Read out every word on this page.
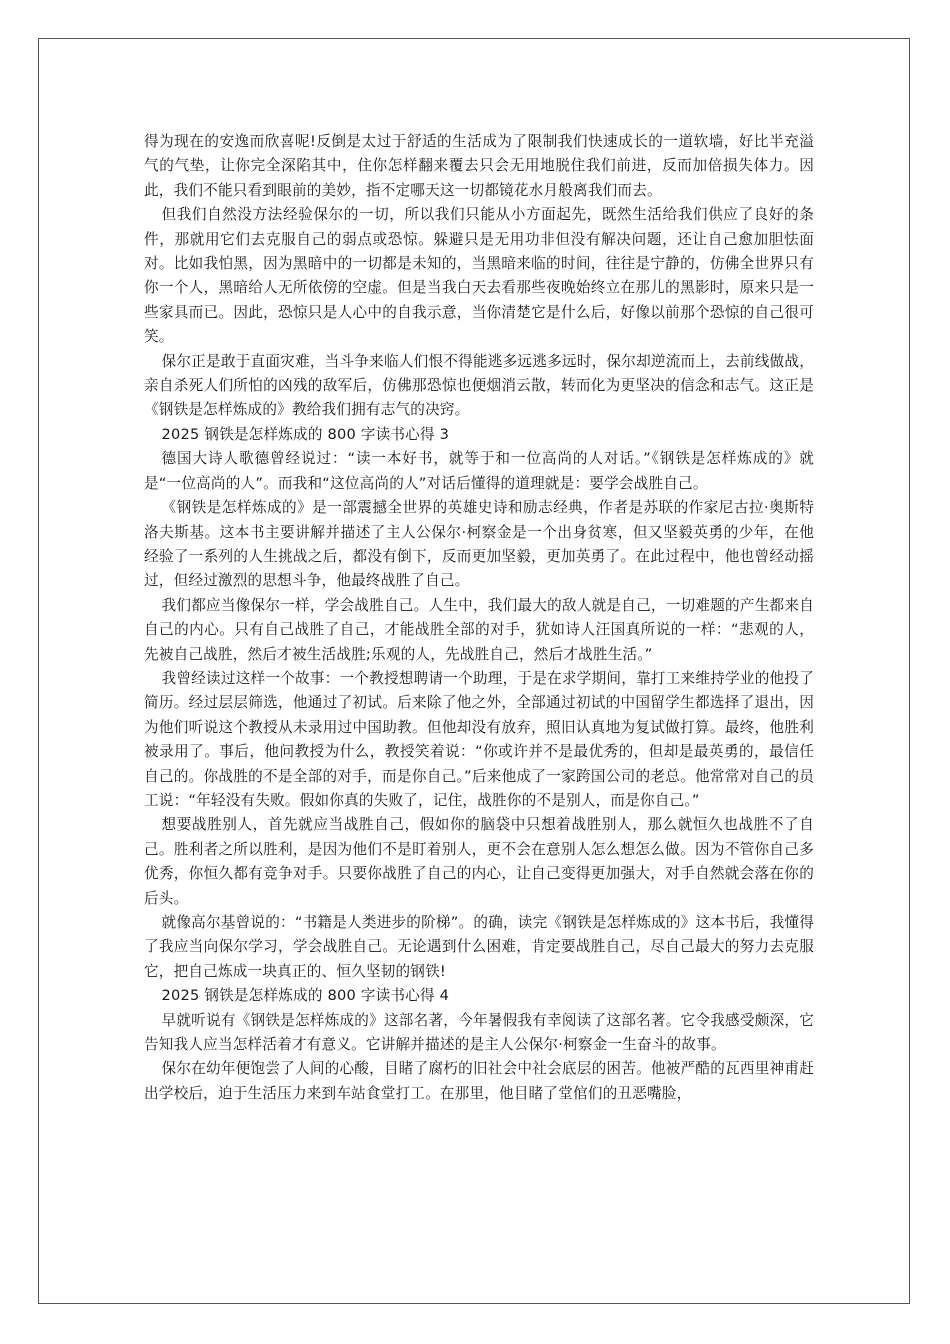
得为现在的安逸而欣喜呢!反倒是太过于舒适的生活成为了限制我们快速成长的一道软墙，好比半充溢气的气垫，让你完全深陷其中，住你怎样翻来覆去只会无用地脱住我们前进，反而加倍损失体力。因此，我们不能只看到眼前的美妙，指不定哪天这一切都镜花水月般离我们而去。

但我们自然没方法经验保尔的一切，所以我们只能从小方面起先，既然生活给我们供应了良好的条件，那就用它们去克服自己的弱点或恐惊。躲避只是无用功非但没有解决问题，还让自己愈加胆怯面对。比如我怕黑，因为黑暗中的一切都是未知的，当黑暗来临的时间，往往是宁静的，仿佛全世界只有你一个人，黑暗给人无所依傍的空虚。但是当我白天去看那些夜晚始终立在那儿的黑影时，原来只是一些家具而已。因此，恐惊只是人心中的自我示意，当你清楚它是什么后，好像以前那个恐惊的自己很可笑。

保尔正是敢于直面灾难，当斗争来临人们恨不得能逃多远逃多远时，保尔却逆流而上，去前线做战，亲自杀死人们所怕的凶残的敌军后，仿佛那恐惊也便烟消云散，转而化为更坚决的信念和志气。这正是《钢铁是怎样炼成的》教给我们拥有志气的决窍。

2025 钢铁是怎样炼成的 800 字读书心得 3

德国大诗人歌德曾经说过：“读一本好书，就等于和一位高尚的人对话。”《钢铁是怎样炼成的》就是“一位高尚的人”。而我和“这位高尚的人”对话后懂得的道理就是：要学会战胜自己。

《钢铁是怎样炼成的》是一部震撼全世界的英雄史诗和励志经典，作者是苏联的作家尼古拉·奥斯特洛夫斯基。这本书主要讲解并描述了主人公保尔·柯察金是一个出身贫寒，但又坚毅英勇的少年，在他经验了一系列的人生挑战之后，都没有倒下，反而更加坚毅，更加英勇了。在此过程中，他也曾经动摇过，但经过激烈的思想斗争，他最终战胜了自己。

我们都应当像保尔一样，学会战胜自己。人生中，我们最大的敌人就是自己，一切难题的产生都来自自己的内心。只有自己战胜了自己，才能战胜全部的对手，犹如诗人汪国真所说的一样：“悲观的人，先被自己战胜，然后才被生活战胜;乐观的人，先战胜自己，然后才战胜生活。”

我曾经读过这样一个故事：一个教授想聘请一个助理，于是在求学期间，靠打工来维持学业的他投了简历。经过层层筛选，他通过了初试。后来除了他之外，全部通过初试的中国留学生都选择了退出，因为他们听说这个教授从未录用过中国助教。但他却没有放弃，照旧认真地为复试做打算。最终，他胜利被录用了。事后，他问教授为什么，教授笑着说：“你或许并不是最优秀的，但却是最英勇的，最信任自己的。你战胜的不是全部的对手，而是你自己。”后来他成了一家跨国公司的老总。他常常对自己的员工说：“年轻没有失败。假如你真的失败了，记住，战胜你的不是别人，而是你自己。”

想要战胜别人，首先就应当战胜自己，假如你的脑袋中只想着战胜别人，那么就恒久也战胜不了自己。胜利者之所以胜利，是因为他们不是盯着别人，更不会在意别人怎么想怎么做。因为不管你自己多优秀，你恒久都有竞争对手。只要你战胜了自己的内心，让自己变得更加强大，对手自然就会落在你的后头。

就像高尔基曾说的：“书籍是人类进步的阶梯”。的确，读完《钢铁是怎样炼成的》这本书后，我懂得了我应当向保尔学习，学会战胜自己。无论遇到什么困难，肯定要战胜自己，尽自己最大的努力去克服它，把自己炼成一块真正的、恒久坚韧的钢铁!

2025 钢铁是怎样炼成的 800 字读书心得 4

早就听说有《钢铁是怎样炼成的》这部名著，今年暑假我有幸阅读了这部名著。它令我感受颇深，它告知我人应当怎样活着才有意义。它讲解并描述的是主人公保尔·柯察金一生奋斗的故事。

保尔在幼年便饱尝了人间的心酸，目睹了腐朽的旧社会中社会底层的困苦。他被严酷的瓦西里神甫赶出学校后，迫于生活压力来到车站食堂打工。在那里，他目睹了堂倌们的丑恶嘴脸，
